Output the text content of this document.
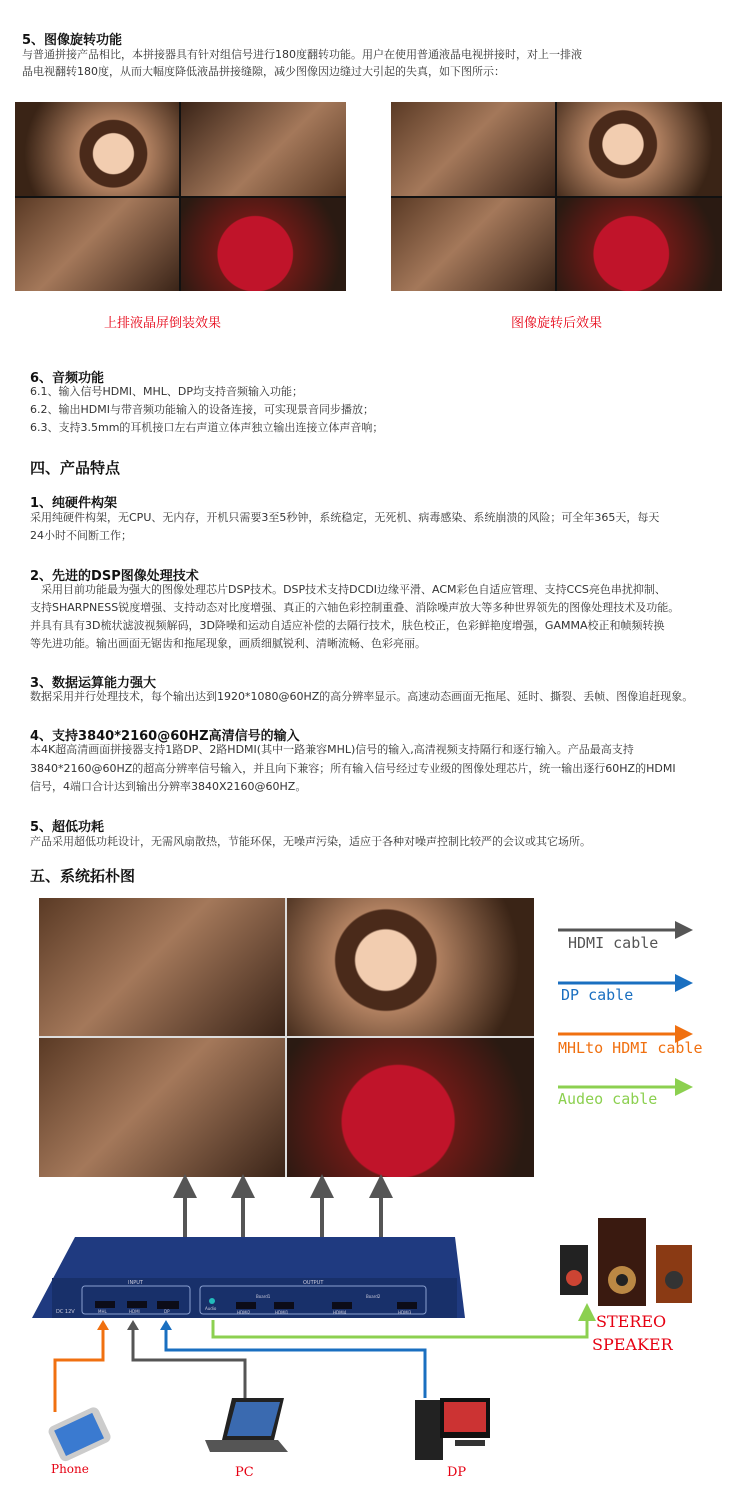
5、图像旋转功能
与普通拼接产品相比，本拼接器具有针对组信号进行180度翻转功能。用户在使用普通液晶电视拼接时，对上一排液
晶电视翻转180度，从而大幅度降低液晶拼接缝隙，减少图像因边缝过大引起的失真，如下图所示：
上排液晶屏倒装效果	图像旋转后效果
6、音频功能
6.1、输入信号HDMI、MHL、DP均支持音频输入功能；
6.2、输出HDMI与带音频功能输入的设备连接，可实现景音同步播放；
6.3、支持3.5mm的耳机接口左右声道立体声独立输出连接立体声音响；
四、产品特点
1、纯硬件构架
采用纯硬件构架，无CPU、无内存，开机只需要3至5秒钟，系统稳定，无死机、病毒感染、系统崩溃的风险；可全年365天，每天
24小时不间断工作；
2、先进的DSP图像处理技术
　采用目前功能最为强大的图像处理芯片DSP技术。DSP技术支持DCDI边缘平滑、ACM彩色自适应管理、支持CCS亮色串扰抑制、
支持SHARPNESS锐度增强、支持动态对比度增强、真正的六轴色彩控制重叠、消除噪声放大等多种世界领先的图像处理技术及功能。
并具有具有3D梳状滤波视频解码，3D降噪和运动自适应补偿的去隔行技术，肤色校正，色彩鲜艳度增强，GAMMA校正和帧频转换
等先进功能。输出画面无锯齿和拖尾现象，画质细腻锐利、清晰流畅、色彩亮丽。
3、数据运算能力强大
数据采用并行处理技术，每个输出达到1920*1080@60HZ的高分辨率显示。高速动态画面无拖尾、延时、撕裂、丢帧、图像追赶现象。
4、支持3840*2160@60HZ高清信号的输入
本4K超高清画面拼接器支持1路DP、2路HDMI(其中一路兼容MHL)信号的输入,高清视频支持隔行和逐行输入。产品最高支持
3840*2160@60HZ的超高分辨率信号输入，并且向下兼容；所有输入信号经过专业级的图像处理芯片，统一输出逐行60HZ的HDMI
信号，4端口合计达到输出分辨率3840X2160@60HZ。
5、超低功耗
产品采用超低功耗设计，无需风扇散热，节能环保，无噪声污染，适应于各种对噪声控制比较严的会议或其它场所。
五、系统拓朴图
HDMI cable
DP cable
MHLto HDMI cable
Audeo cable
INPUT	OUTPUT
DC 12V	MHL	HDMI	DP
Audio
Board1	Board2
HDMI2	HDMI1	HDMI4	HDMI3	STEREO
SPEAKER
Phone	PC	DP
